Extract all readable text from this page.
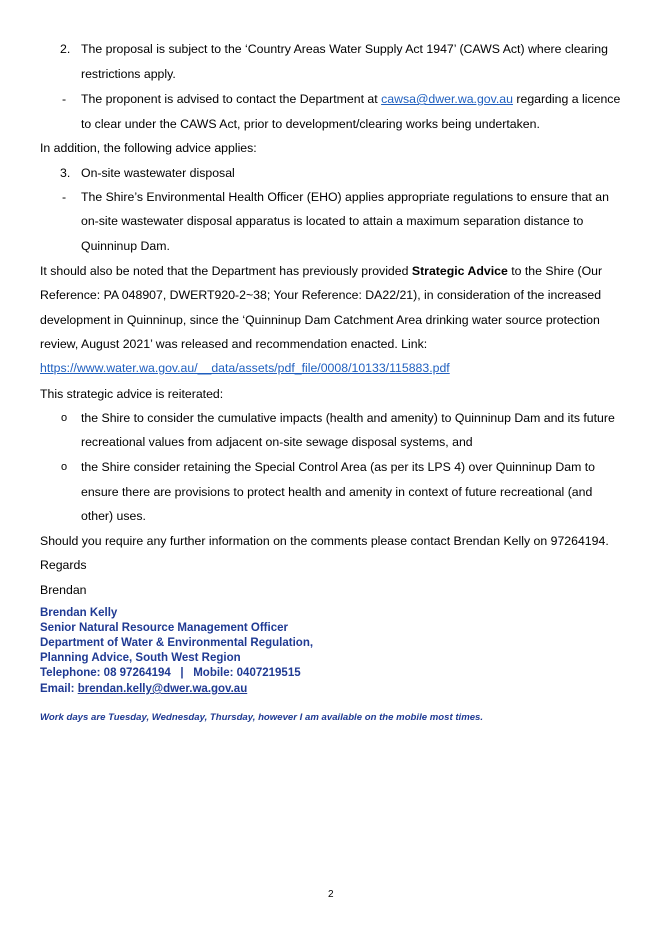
2. The proposal is subject to the ‘Country Areas Water Supply Act 1947’ (CAWS Act) where clearing
restrictions apply.
- The proponent is advised to contact the Department at cawsa@dwer.wa.gov.au regarding a licence
to clear under the CAWS Act, prior to development/clearing works being undertaken.
In addition, the following advice applies:
3. On-site wastewater disposal
- The Shire’s Environmental Health Officer (EHO) applies appropriate regulations to ensure that an
on-site wastewater disposal apparatus is located to attain a maximum separation distance to
Quinninup Dam.
It should also be noted that the Department has previously provided Strategic Advice to the Shire (Our
Reference: PA 048907, DWERT920-2~38; Your Reference: DA22/21), in consideration of the increased
development in Quinninup, since the ‘Quinninup Dam Catchment Area drinking water source protection
review, August 2021’ was released and recommendation enacted. Link:
https://www.water.wa.gov.au/__data/assets/pdf_file/0008/10133/115883.pdf
This strategic advice is reiterated:
o the Shire to consider the cumulative impacts (health and amenity) to Quinninup Dam and its future
recreational values from adjacent on-site sewage disposal systems, and
o the Shire consider retaining the Special Control Area (as per its LPS 4) over Quinninup Dam to
ensure there are provisions to protect health and amenity in context of future recreational (and
other) uses.
Should you require any further information on the comments please contact Brendan Kelly on 97264194.
Regards
Brendan
Brendan Kelly
Senior Natural Resource Management Officer
Department of Water & Environmental Regulation,
Planning Advice, South West Region
Telephone: 08 97264194   |   Mobile: 0407219515
Email: brendan.kelly@dwer.wa.gov.au
Work days are Tuesday, Wednesday, Thursday, however I am available on the mobile most times.
2
